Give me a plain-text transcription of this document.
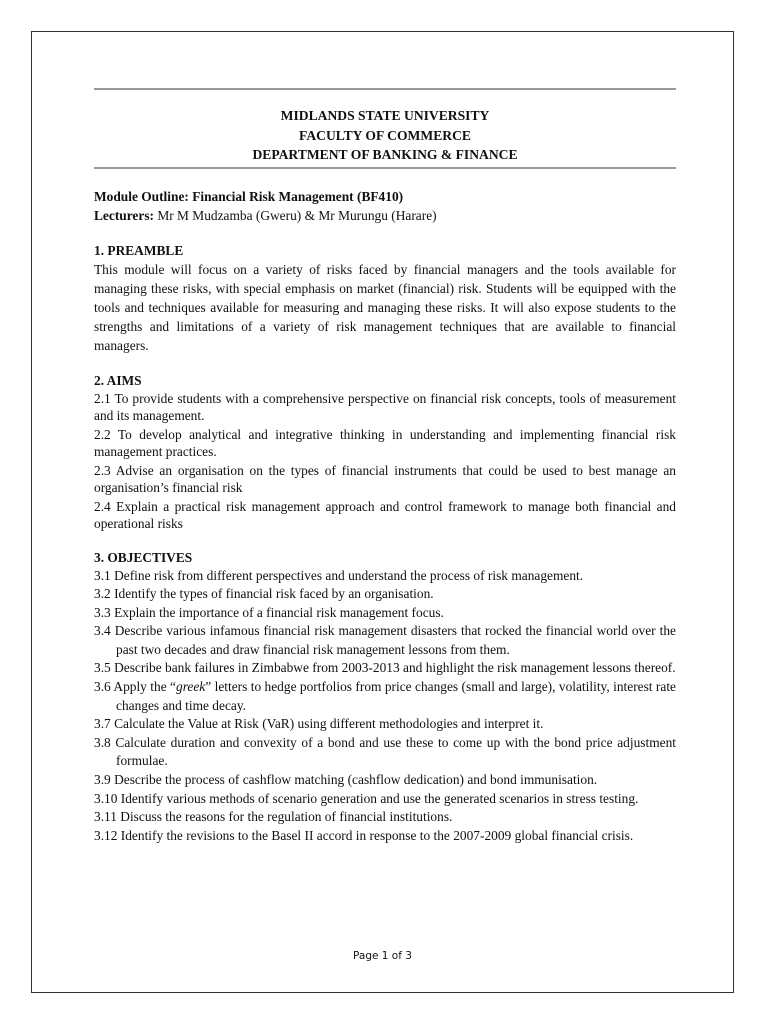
MIDLANDS STATE UNIVERSITY
FACULTY OF COMMERCE
DEPARTMENT OF BANKING & FINANCE
Module Outline: Financial Risk Management (BF410)
Lecturers: Mr M Mudzamba (Gweru) & Mr Murungu (Harare)
1. PREAMBLE

This module will focus on a variety of risks faced by financial managers and the tools available for managing these risks, with special emphasis on market (financial) risk. Students will be equipped with the tools and techniques available for measuring and managing these risks. It will also expose students to the strengths and limitations of a variety of risk management techniques that are available to financial managers.

2. AIMS

2.1 To provide students with a comprehensive perspective on financial risk concepts, tools of measurement and its management.

2.2 To develop analytical and integrative thinking in understanding and implementing financial risk management practices.

2.3 Advise an organisation on the types of financial instruments that could be used to best manage an organisation’s financial risk

2.4 Explain a practical risk management approach and control framework to manage both financial and operational risks

3. OBJECTIVES

3.1 Define risk from different perspectives and understand the process of risk management.

3.2 Identify the types of financial risk faced by an organisation.

3.3 Explain the importance of a financial risk management focus.

3.4 Describe various infamous financial risk management disasters that rocked the financial world over the past two decades and draw financial risk management lessons from them.

3.5 Describe bank failures in Zimbabwe from 2003-2013 and highlight the risk management lessons thereof.

3.6 Apply the “greek” letters to hedge portfolios from price changes (small and large), volatility, interest rate changes and time decay.

3.7 Calculate the Value at Risk (VaR) using different methodologies and interpret it.

3.8 Calculate duration and convexity of a bond and use these to come up with the bond price adjustment formulae.

3.9 Describe the process of cashflow matching (cashflow dedication) and bond immunisation.

3.10 Identify various methods of scenario generation and use the generated scenarios in stress testing.

3.11 Discuss the reasons for the regulation of financial institutions.

3.12 Identify the revisions to the Basel II accord in response to the 2007-2009 global financial crisis.

Page 1 of 3
